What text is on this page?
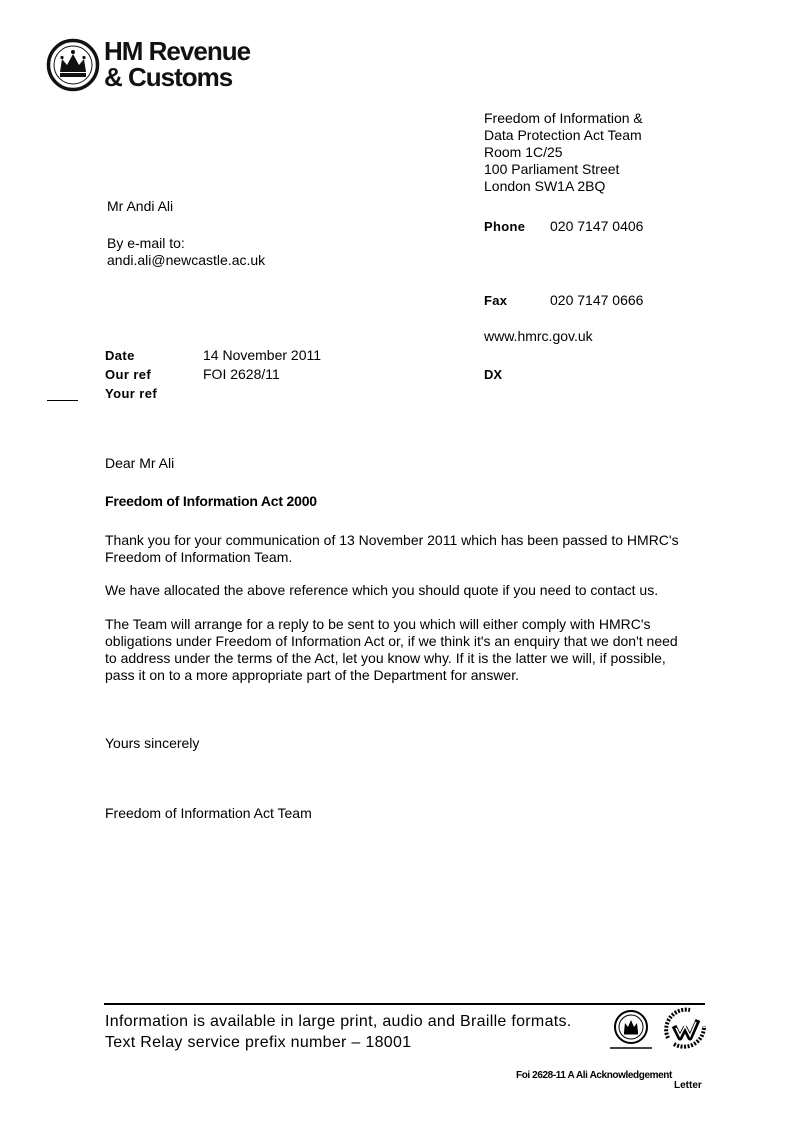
HM Revenue
& Customs
Freedom of Information &
Data Protection Act Team
Room 1C/25
100 Parliament Street
London SW1A 2BQ
Mr Andi Ali
By e-mail to:
andi.ali@newcastle.ac.uk
Phone 020 7147 0406
Fax	020 7147 0666
www.hmrc.gov.uk
DX
Date	14 November 2011
Our ref	FOI 2628/11
Your ref

Dear Mr Ali

Freedom of Information Act 2000

Thank you for your communication of 13 November 2011 which has been passed to HMRC's Freedom of Information Team.

We have allocated the above reference which you should quote if you need to contact us.

The Team will arrange for a reply to be sent to you which will either comply with HMRC's obligations under Freedom of Information Act or, if we think it's an enquiry that we don't need to address under the terms of the Act, let you know why. If it is the latter we will, if possible, pass it on to a more appropriate part of the Department for answer.

Yours sincerely
Freedom of Information Act Team
Information is available in large print, audio and Braille formats.
Text Relay service prefix number – 18001
Foi 2628-11 A Ali Acknowledgement
Letter
